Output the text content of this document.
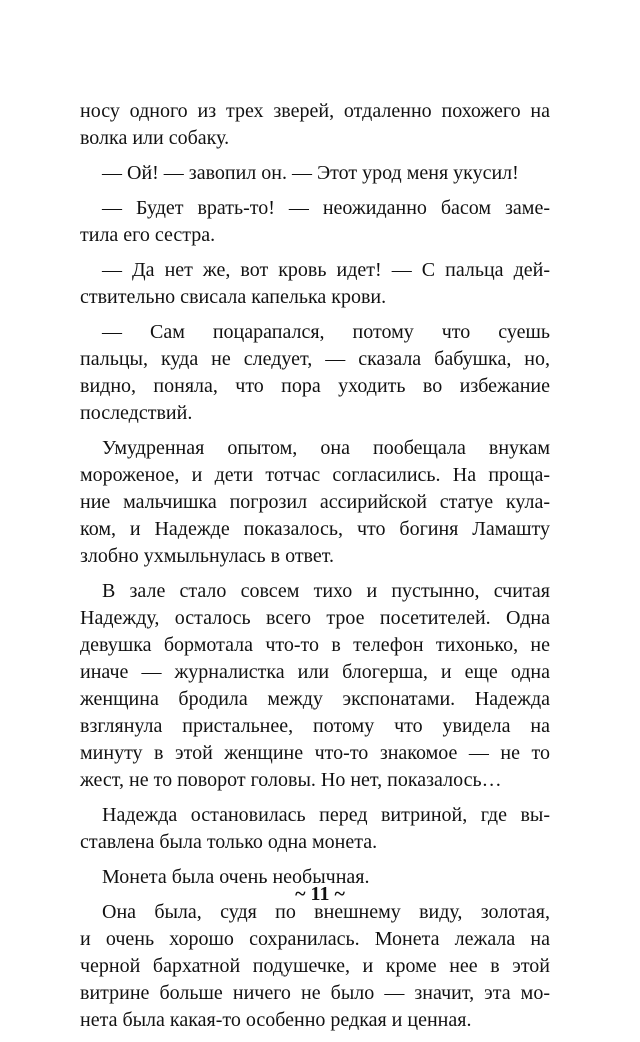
носу одного из трех зверей, отдаленно похожего на
волка или собаку.
— Ой! — завопил он. — Этот урод меня укусил!
— Будет врать-то! — неожиданно басом заме-
тила его сестра.
— Да нет же, вот кровь идет! — С пальца дей-
ствительно свисала капелька крови.
— Сам поцарапался, потому что суешь
пальцы, куда не следует, — сказала бабушка, но,
видно, поняла, что пора уходить во избежание
последствий.
Умудренная опытом, она пообещала внукам
мороженое, и дети тотчас согласились. На проща-
ние мальчишка погрозил ассирийской статуе кула-
ком, и Надежде показалось, что богиня Ламашту
злобно ухмыльнулась в ответ.
В зале стало совсем тихо и пустынно, считая
Надежду, осталось всего трое посетителей. Одна
девушка бормотала что-то в телефон тихонько, не
иначе — журналистка или блогерша, и еще одна
женщина бродила между экспонатами. Надежда
взглянула пристальнее, потому что увидела на
минуту в этой женщине что-то знакомое — не то
жест, не то поворот головы. Но нет, показалось…
Надежда остановилась перед витриной, где вы-
ставлена была только одна монета.
Монета была очень необычная.
Она была, судя по внешнему виду, золотая,
и очень хорошо сохранилась. Монета лежала на
черной бархатной подушечке, и кроме нее в этой
витрине больше ничего не было — значит, эта мо-
нета была какая-то особенно редкая и ценная.
~ 11 ~
